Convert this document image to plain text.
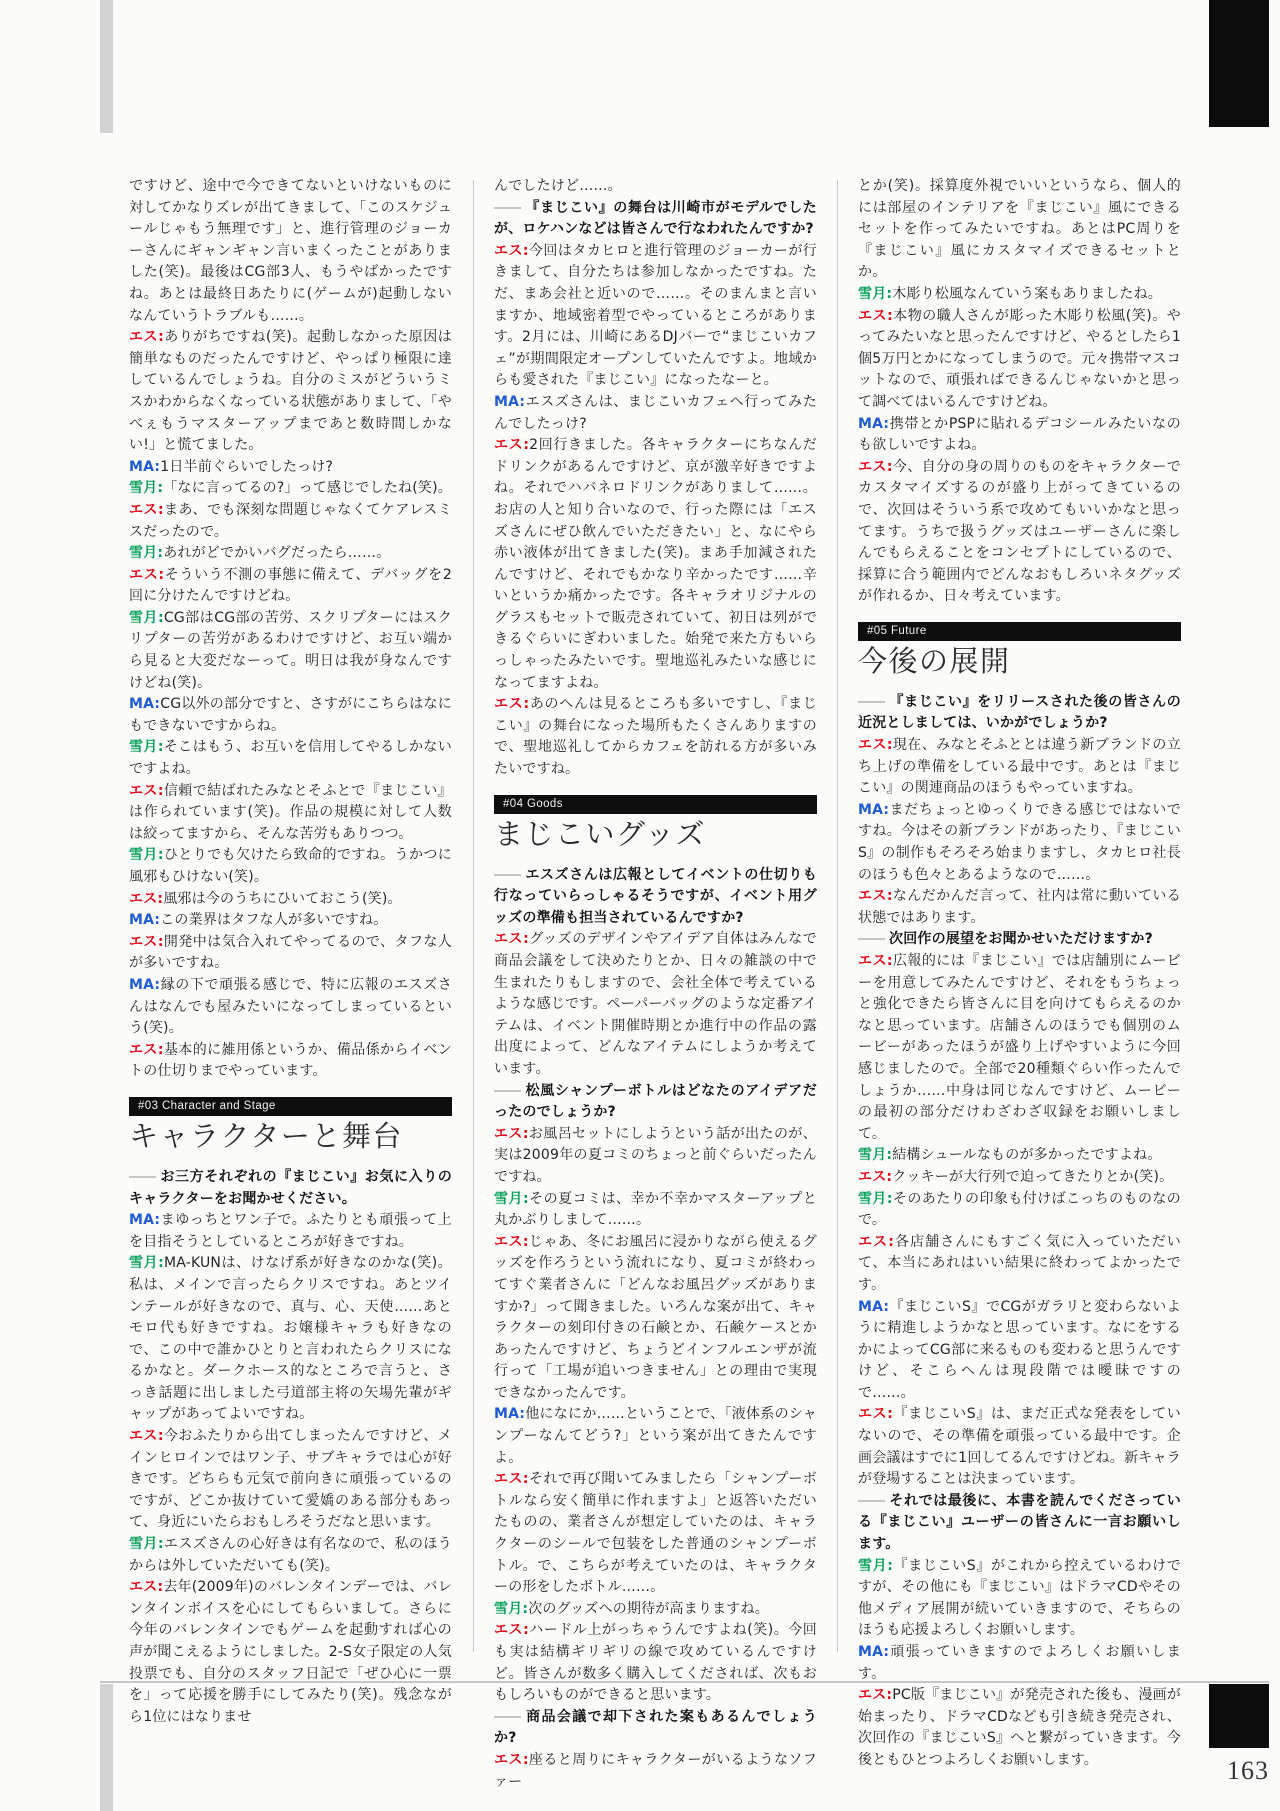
163

ですけど、途中で今できてないといけないものに対してかなりズレが出てきまして、「このスケジュールじゃもう無理です」と、進行管理のジョーカーさんにギャンギャン言いまくったことがありました(笑)。最後はCG部3人、もうやばかったですね。あとは最終日あたりに(ゲームが)起動しないなんていうトラブルも……。

エス:ありがちですね(笑)。起動しなかった原因は簡単なものだったんですけど、やっぱり極限に達しているんでしょうね。自分のミスがどういうミスかわからなくなっている状態がありまして、「やべぇもうマスターアップまであと数時間しかない!」と慌てました。

MA:1日半前ぐらいでしたっけ?

雪月:「なに言ってるの?」って感じでしたね(笑)。

エス:まあ、でも深刻な問題じゃなくてケアレスミスだったので。

雪月:あれがどでかいバグだったら……。

エス:そういう不測の事態に備えて、デバッグを2回に分けたんですけどね。

雪月:CG部はCG部の苦労、スクリプターにはスクリプターの苦労があるわけですけど、お互い端から見ると大変だなーって。明日は我が身なんですけどね(笑)。

MA:CG以外の部分ですと、さすがにこちらはなにもできないですからね。

雪月:そこはもう、お互いを信用してやるしかないですよね。

エス:信頼で結ばれたみなとそふとで『まじこい』は作られています(笑)。作品の規模に対して人数は絞ってますから、そんな苦労もありつつ。

雪月:ひとりでも欠けたら致命的ですね。うかつに風邪もひけない(笑)。

エス:風邪は今のうちにひいておこう(笑)。

MA:この業界はタフな人が多いですね。

エス:開発中は気合入れてやってるので、タフな人が多いですね。

MA:縁の下で頑張る感じで、特に広報のエスズさんはなんでも屋みたいになってしまっているという(笑)。

エス:基本的に雑用係というか、備品係からイベントの仕切りまでやっています。

#03 Character and Stage
キャラクターと舞台

―― お三方それぞれの『まじこい』お気に入りのキャラクターをお聞かせください。

MA:まゆっちとワン子で。ふたりとも頑張って上を目指そうとしているところが好きですね。

雪月:MA-KUNは、けなげ系が好きなのかな(笑)。私は、メインで言ったらクリスですね。あとツインテールが好きなので、真与、心、天使……あとモロ代も好きですね。お嬢様キャラも好きなので、この中で誰かひとりと言われたらクリスになるかなと。ダークホース的なところで言うと、さっき話題に出しました弓道部主将の矢場先輩がギャップがあってよいですね。

エス:今おふたりから出てしまったんですけど、メインヒロインではワン子、サブキャラでは心が好きです。どちらも元気で前向きに頑張っているのですが、どこか抜けていて愛嬌のある部分もあって、身近にいたらおもしろそうだなと思います。

雪月:エスズさんの心好きは有名なので、私のほうからは外していただいても(笑)。

エス:去年(2009年)のバレンタインデーでは、バレンタインボイスを心にしてもらいまして。さらに今年のバレンタインでもゲームを起動すれば心の声が聞こえるようにしました。2-S女子限定の人気投票でも、自分のスタッフ日記で「ぜひ心に一票を」って応援を勝手にしてみたり(笑)。残念ながら1位にはなりませ

んでしたけど……。

―― 『まじこい』の舞台は川崎市がモデルでしたが、ロケハンなどは皆さんで行なわれたんですか?

エス:今回はタカヒロと進行管理のジョーカーが行きまして、自分たちは参加しなかったですね。ただ、まあ会社と近いので……。そのまんまと言いますか、地域密着型でやっているところがあります。2月には、川崎にあるDJバーで“まじこいカフェ”が期間限定オープンしていたんですよ。地域からも愛された『まじこい』になったなーと。

MA:エスズさんは、まじこいカフェへ行ってみたんでしたっけ?

エス:2回行きました。各キャラクターにちなんだドリンクがあるんですけど、京が激辛好きですよね。それでハバネロドリンクがありまして……。お店の人と知り合いなので、行った際には「エスズさんにぜひ飲んでいただきたい」と、なにやら赤い液体が出てきました(笑)。まあ手加減されたんですけど、それでもかなり辛かったです……辛いというか痛かったです。各キャラオリジナルのグラスもセットで販売されていて、初日は列ができるぐらいにぎわいました。始発で来た方もいらっしゃったみたいです。聖地巡礼みたいな感じになってますよね。

エス:あのへんは見るところも多いですし、『まじこい』の舞台になった場所もたくさんありますので、聖地巡礼してからカフェを訪れる方が多いみたいですね。

#04 Goods
まじこいグッズ

―― エスズさんは広報としてイベントの仕切りも行なっていらっしゃるそうですが、イベント用グッズの準備も担当されているんですか?

エス:グッズのデザインやアイデア自体はみんなで商品会議をして決めたりとか、日々の雑談の中で生まれたりもしますので、会社全体で考えているような感じです。ペーパーバッグのような定番アイテムは、イベント開催時期とか進行中の作品の露出度によって、どんなアイテムにしようか考えています。

―― 松風シャンプーボトルはどなたのアイデアだったのでしょうか?

エス:お風呂セットにしようという話が出たのが、実は2009年の夏コミのちょっと前ぐらいだったんですね。

雪月:その夏コミは、幸か不幸かマスターアップと丸かぶりしまして……。

エス:じゃあ、冬にお風呂に浸かりながら使えるグッズを作ろうという流れになり、夏コミが終わってすぐ業者さんに「どんなお風呂グッズがありますか?」って聞きました。いろんな案が出て、キャラクターの刻印付きの石鹸とか、石鹸ケースとかあったんですけど、ちょうどインフルエンザが流行って「工場が追いつきません」との理由で実現できなかったんです。

MA:他になにか……ということで、「液体系のシャンプーなんてどう?」という案が出てきたんですよ。

エス:それで再び聞いてみましたら「シャンプーボトルなら安く簡単に作れますよ」と返答いただいたものの、業者さんが想定していたのは、キャラクターのシールで包装をした普通のシャンプーボトル。で、こちらが考えていたのは、キャラクターの形をしたボトル……。

雪月:次のグッズへの期待が高まりますね。

エス:ハードル上がっちゃうんですよね(笑)。今回も実は結構ギリギリの線で攻めているんですけど。皆さんが数多く購入してくだされば、次もおもしろいものができると思います。

―― 商品会議で却下された案もあるんでしょうか?

エス:座ると周りにキャラクターがいるようなソファー

とか(笑)。採算度外視でいいというなら、個人的には部屋のインテリアを『まじこい』風にできるセットを作ってみたいですね。あとはPC周りを『まじこい』風にカスタマイズできるセットとか。

雪月:木彫り松風なんていう案もありましたね。

エス:本物の職人さんが彫った木彫り松風(笑)。やってみたいなと思ったんですけど、やるとしたら1個5万円とかになってしまうので。元々携帯マスコットなので、頑張ればできるんじゃないかと思って調べてはいるんですけどね。

MA:携帯とかPSPに貼れるデコシールみたいなのも欲しいですよね。

エス:今、自分の身の周りのものをキャラクターでカスタマイズするのが盛り上がってきているので、次回はそういう系で攻めてもいいかなと思ってます。うちで扱うグッズはユーザーさんに楽しんでもらえることをコンセプトにしているので、採算に合う範囲内でどんなおもしろいネタグッズが作れるか、日々考えています。

#05 Future
今後の展開

―― 『まじこい』をリリースされた後の皆さんの近況としましては、いかがでしょうか?

エス:現在、みなとそふととは違う新ブランドの立ち上げの準備をしている最中です。あとは『まじこい』の関連商品のほうもやっていますね。

MA:まだちょっとゆっくりできる感じではないですね。今はその新ブランドがあったり、『まじこいS』の制作もそろそろ始まりますし、タカヒロ社長のほうも色々とあるようなので……。

エス:なんだかんだ言って、社内は常に動いている状態ではあります。

―― 次回作の展望をお聞かせいただけますか?

エス:広報的には『まじこい』では店舗別にムービーを用意してみたんですけど、それをもうちょっと強化できたら皆さんに目を向けてもらえるのかなと思っています。店舗さんのほうでも個別のムービーがあったほうが盛り上げやすいように今回感じましたので。全部で20種類ぐらい作ったんでしょうか……中身は同じなんですけど、ムービーの最初の部分だけわざわざ収録をお願いしまして。

雪月:結構シュールなものが多かったですよね。

エス:クッキーが大行列で迫ってきたりとか(笑)。

雪月:そのあたりの印象も付けばこっちのものなので。

エス:各店舗さんにもすごく気に入っていただいて、本当にあれはいい結果に終わってよかったです。

MA:『まじこいS』でCGがガラリと変わらないように精進しようかなと思っています。なにをするかによってCG部に来るものも変わると思うんですけど、そこらへんは現段階では曖昧ですので……。

エス:『まじこいS』は、まだ正式な発表をしていないので、その準備を頑張っている最中です。企画会議はすでに1回してるんですけどね。新キャラが登場することは決まっています。

―― それでは最後に、本書を読んでくださっている『まじこい』ユーザーの皆さんに一言お願いします。

雪月:『まじこいS』がこれから控えているわけですが、その他にも『まじこい』はドラマCDやその他メディア展開が続いていきますので、そちらのほうも応援よろしくお願いします。

MA:頑張っていきますのでよろしくお願いします。

エス:PC版『まじこい』が発売された後も、漫画が始まったり、ドラマCDなども引き続き発売され、次回作の『まじこいS』へと繋がっていきます。今後ともひとつよろしくお願いします。
